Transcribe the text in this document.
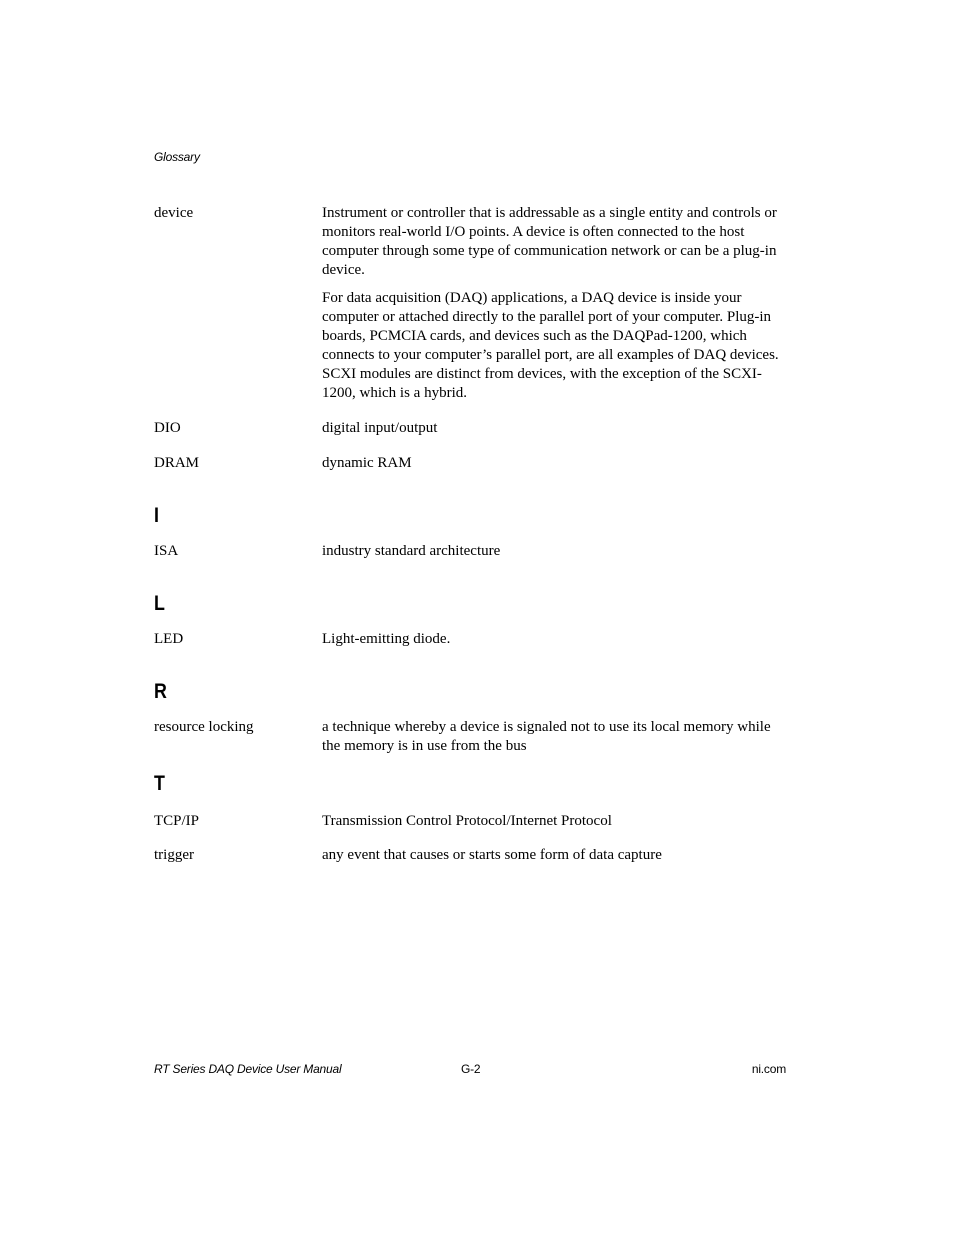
Glossary
device	Instrument or controller that is addressable as a single entity and controls or monitors real-world I/O points. A device is often connected to the host computer through some type of communication network or can be a plug-in device.

For data acquisition (DAQ) applications, a DAQ device is inside your computer or attached directly to the parallel port of your computer. Plug-in boards, PCMCIA cards, and devices such as the DAQPad-1200, which connects to your computer’s parallel port, are all examples of DAQ devices. SCXI modules are distinct from devices, with the exception of the SCXI-1200, which is a hybrid.

DIO	digital input/output

DRAM	dynamic RAM

I
ISA	industry standard architecture

L
LED	Light-emitting diode.

R
resource locking	a technique whereby a device is signaled not to use its local memory while the memory is in use from the bus

T
TCP/IP	Transmission Control Protocol/Internet Protocol

trigger	any event that causes or starts some form of data capture

RT Series DAQ Device User Manual	G-2	ni.com
